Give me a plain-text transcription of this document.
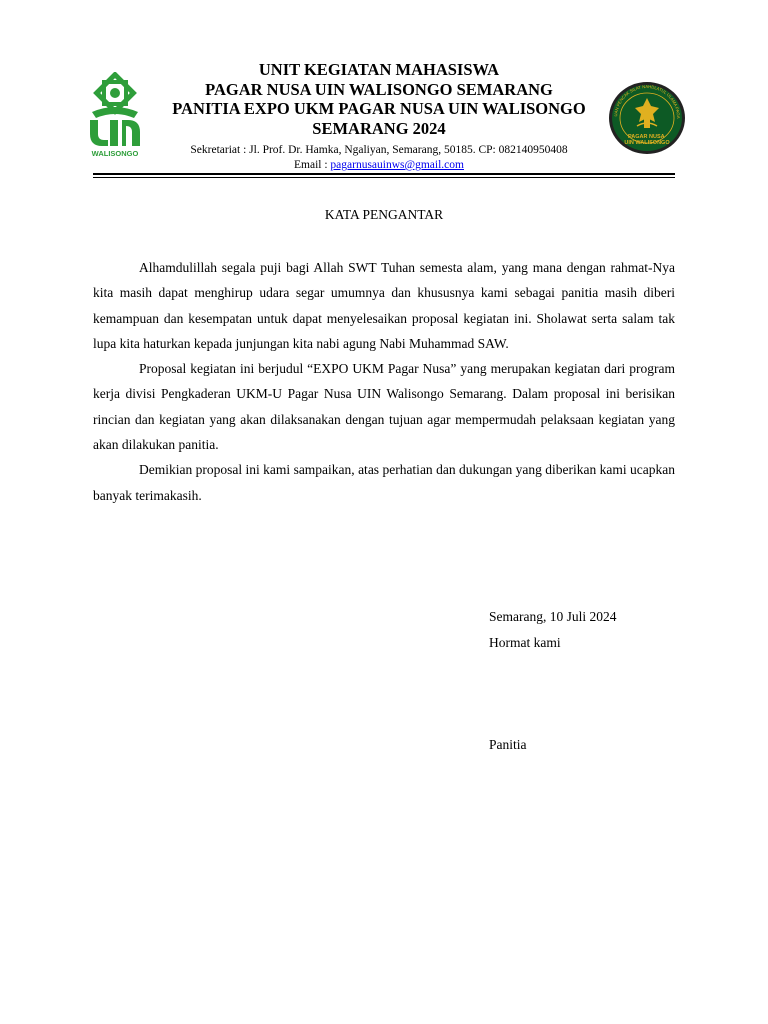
WALISONGO
PAGAR NUSA UIN WALISONGO
UAN PENCAK SILAT NAHDLATUL ULAMA PAGA
UNIT KEGIATAN MAHASISWA
PAGAR NUSA UIN WALISONGO SEMARANG
PANITIA EXPO UKM PAGAR NUSA UIN WALISONGO
SEMARANG 2024
Sekretariat : Jl. Prof. Dr. Hamka, Ngaliyan, Semarang, 50185. CP: 082140950408
Email : pagarnusauinws@gmail.com
KATA PENGANTAR

Alhamdulillah segala puji bagi Allah SWT Tuhan semesta alam, yang mana dengan rahmat-Nya kita masih dapat menghirup udara segar umumnya dan khususnya kami sebagai panitia masih diberi kemampuan dan kesempatan untuk dapat menyelesaikan proposal kegiatan ini. Sholawat serta salam tak lupa kita haturkan kepada junjungan kita nabi agung Nabi Muhammad SAW.

Proposal kegiatan ini berjudul “EXPO UKM Pagar Nusa” yang merupakan kegiatan dari program kerja divisi Pengkaderan UKM-U Pagar Nusa UIN Walisongo Semarang. Dalam proposal ini berisikan rincian dan kegiatan yang akan dilaksanakan dengan tujuan agar mempermudah pelaksaan kegiatan yang akan dilakukan panitia.

Demikian proposal ini kami sampaikan, atas perhatian dan dukungan yang diberikan kami ucapkan banyak terimakasih.

Semarang, 10 Juli 2024
Hormat kami
Panitia
